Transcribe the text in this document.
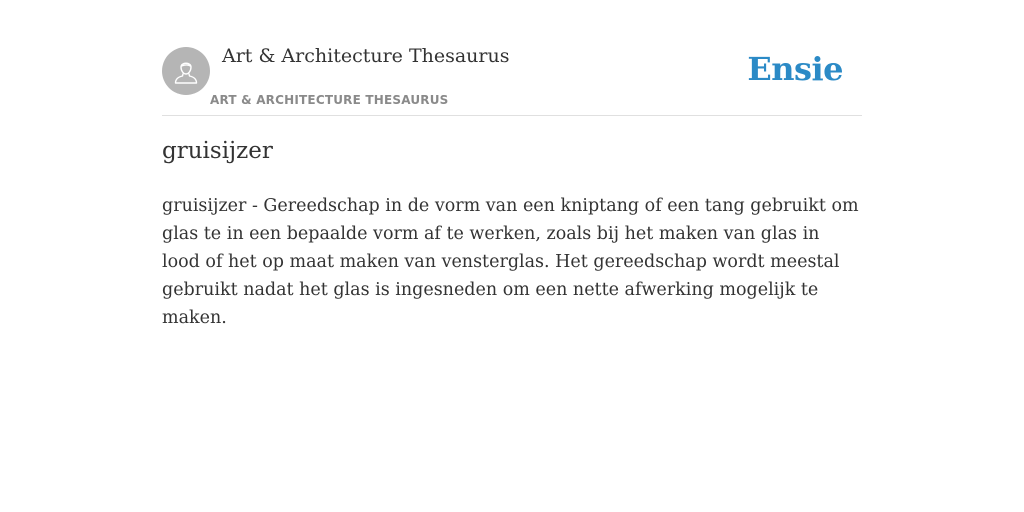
Art & Architecture Thesaurus
ART & ARCHITECTURE THESAURUS
Ensie
gruisijzer

gruisijzer - Gereedschap in de vorm van een kniptang of een tang gebruikt om glas te in een bepaalde vorm af te werken, zoals bij het maken van glas in lood of het op maat maken van vensterglas. Het gereedschap wordt meestal gebruikt nadat het glas is ingesneden om een nette afwerking mogelijk te maken.
